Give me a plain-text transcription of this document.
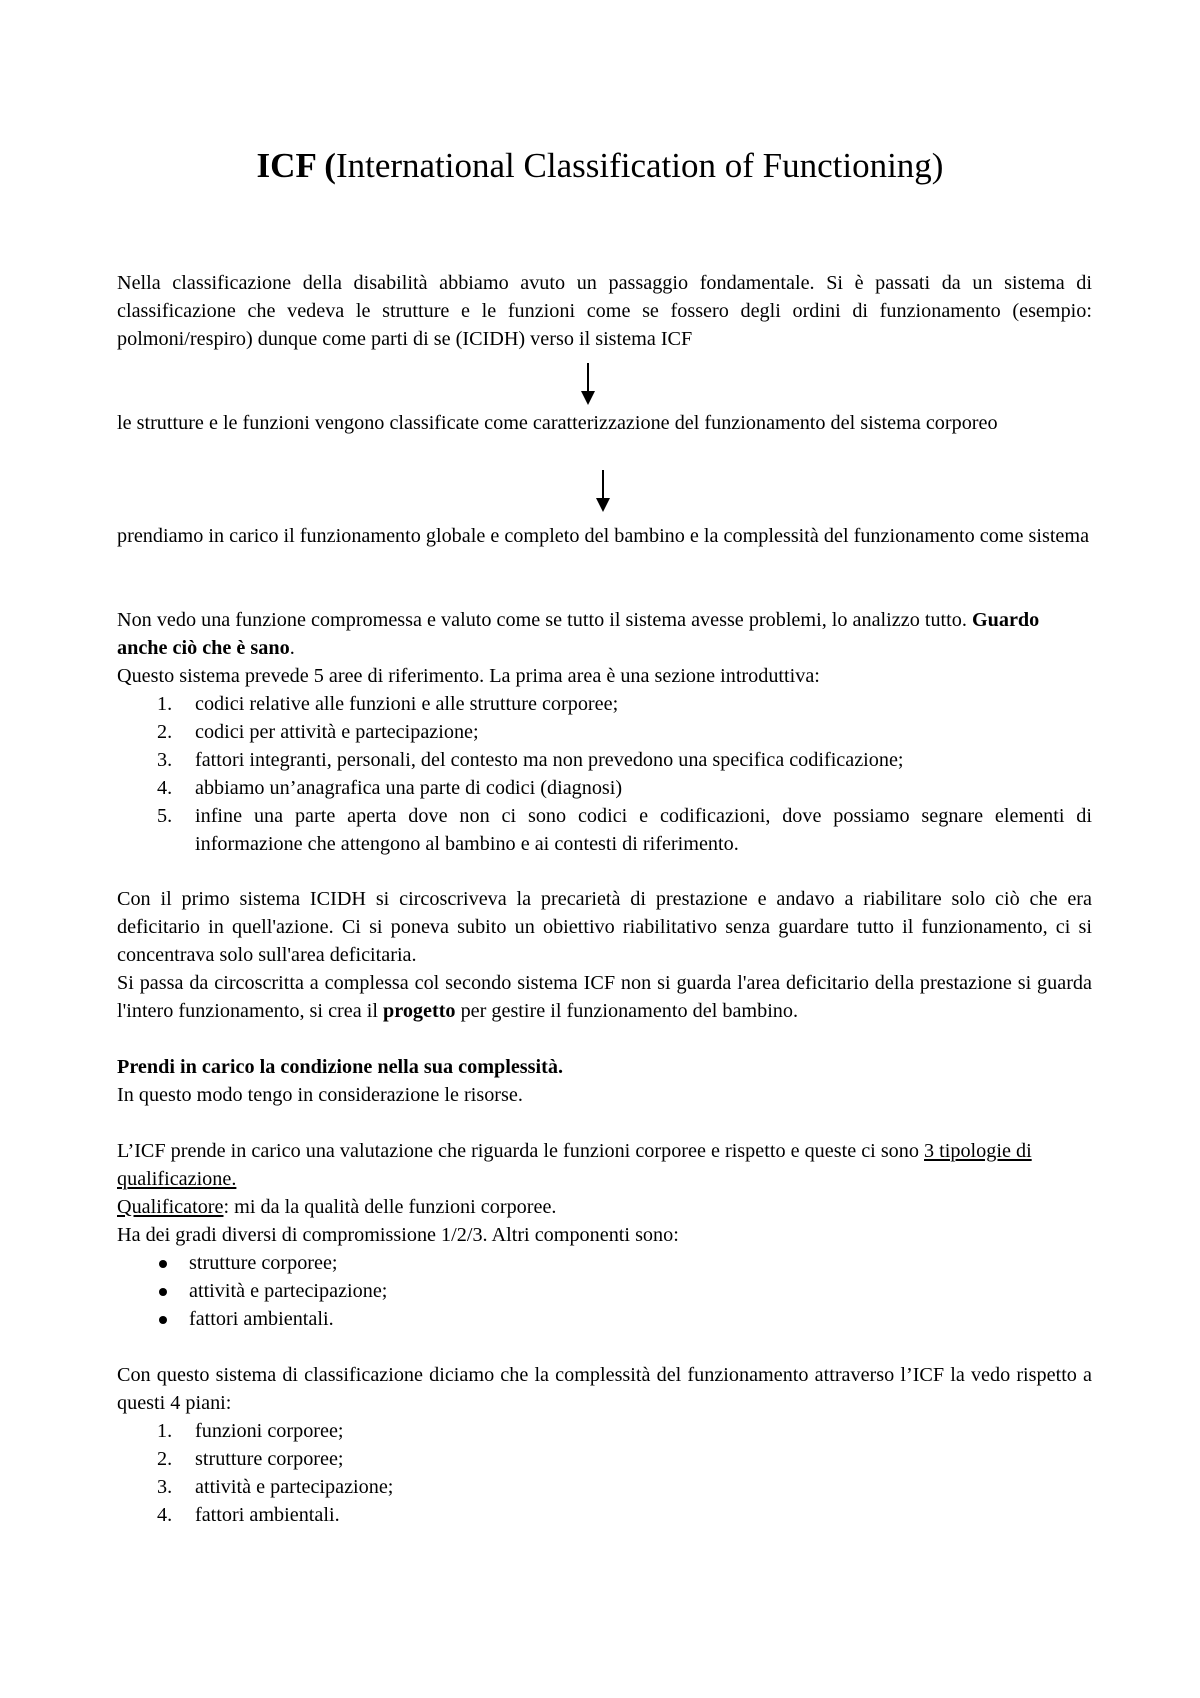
ICF (International Classification of Functioning)
Nella classificazione della disabilità abbiamo avuto un passaggio fondamentale. Si è passati da un sistema di classificazione che vedeva le strutture e le funzioni come se fossero degli ordini di funzionamento (esempio: polmoni/respiro) dunque come parti di se (ICIDH) verso il sistema ICF
le strutture e le funzioni vengono classificate come caratterizzazione del funzionamento del sistema corporeo
prendiamo in carico il funzionamento globale e completo del bambino e la complessità del funzionamento come sistema
Non vedo una funzione compromessa e valuto come se tutto il sistema avesse problemi, lo analizzo tutto. Guardo anche ciò che è sano.
Questo sistema prevede 5 aree di riferimento. La prima area è una sezione introduttiva:
1. codici relative alle funzioni e alle strutture corporee;
2. codici per attività e partecipazione;
3. fattori integranti, personali, del contesto ma non prevedono una specifica codificazione;
4. abbiamo un’anagrafica una parte di codici (diagnosi)
5. infine una parte aperta dove non ci sono codici e codificazioni, dove possiamo segnare elementi di informazione che attengono al bambino e ai contesti di riferimento.
Con il primo sistema ICIDH si circoscriveva la precarietà di prestazione e andavo a riabilitare solo ciò che era deficitario in quell'azione. Ci si poneva subito un obiettivo riabilitativo senza guardare tutto il funzionamento, ci si concentrava solo sull'area deficitaria.
Si passa da circoscritta a complessa col secondo sistema ICF non si guarda l'area deficitario della prestazione si guarda l'intero funzionamento, si crea il progetto per gestire il funzionamento del bambino.
Prendi in carico la condizione nella sua complessità.
In questo modo tengo in considerazione le risorse.
L’ICF prende in carico una valutazione che riguarda le funzioni corporee e rispetto e queste ci sono 3 tipologie di qualificazione.
Qualificatore: mi da la qualità delle funzioni corporee.
Ha dei gradi diversi di compromissione 1/2/3. Altri componenti sono:
strutture corporee;
attività e partecipazione;
fattori ambientali.
Con questo sistema di classificazione diciamo che la complessità del funzionamento attraverso l’ICF la vedo rispetto a questi 4 piani:
1. funzioni corporee;
2. strutture corporee;
3. attività e partecipazione;
4. fattori ambientali.
